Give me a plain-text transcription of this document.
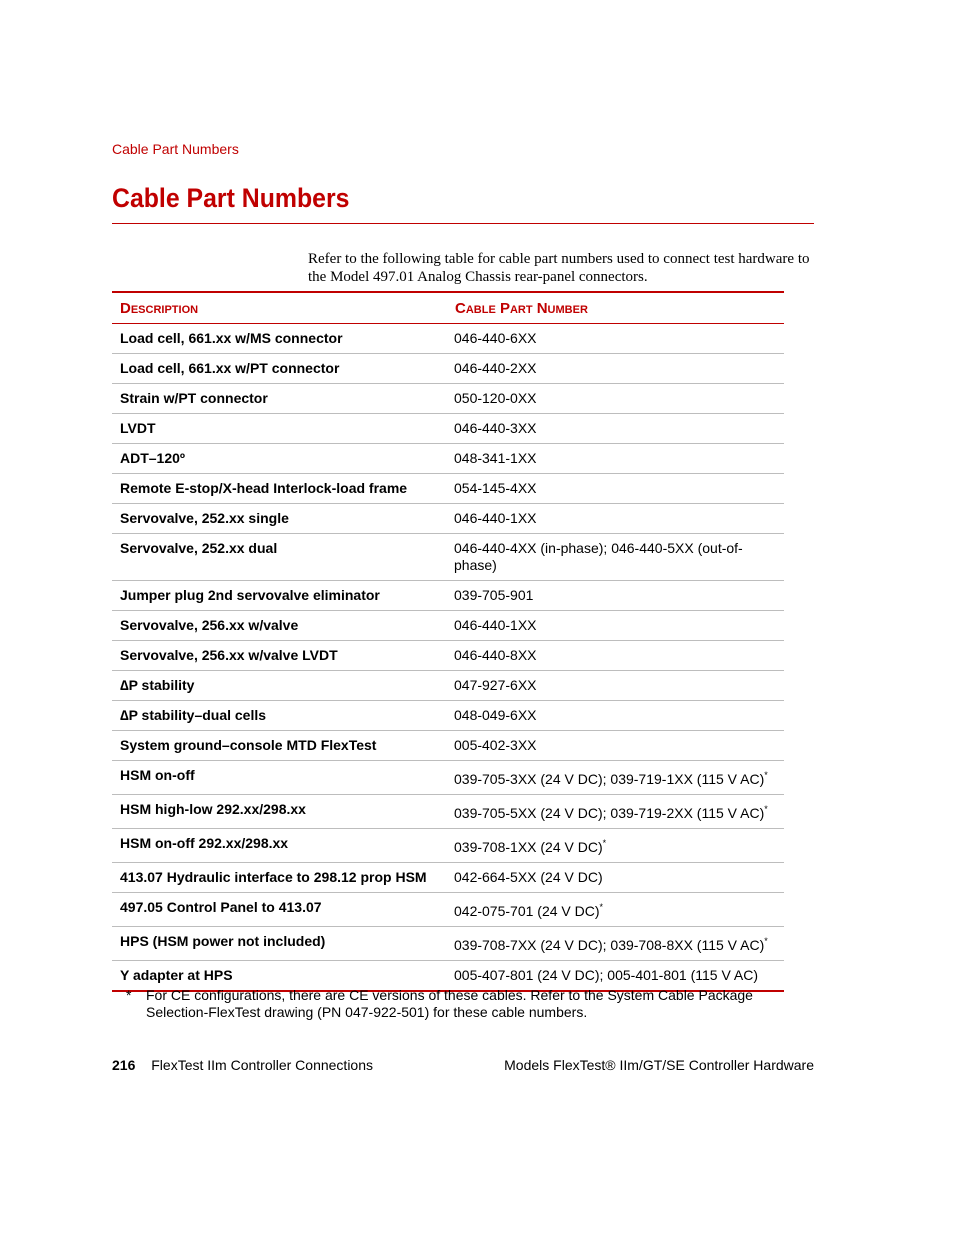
Cable Part Numbers
Cable Part Numbers

Refer to the following table for cable part numbers used to connect test hardware to the Model 497.01 Analog Chassis rear-panel connectors.

Description	Cable Part Number
Load cell, 661.xx w/MS connector	046-440-6XX
Load cell, 661.xx w/PT connector	046-440-2XX
Strain w/PT connector	050-120-0XX
LVDT	046-440-3XX
ADT–120º	048-341-1XX
Remote E-stop/X-head Interlock-load frame	054-145-4XX
Servovalve, 252.xx single	046-440-1XX
Servovalve, 252.xx dual	046-440-4XX (in-phase); 046-440-5XX (out-of-phase)
Jumper plug 2nd servovalve eliminator	039-705-901
Servovalve, 256.xx w/valve	046-440-1XX
Servovalve, 256.xx w/valve LVDT	046-440-8XX
∆P stability	047-927-6XX
∆P stability–dual cells	048-049-6XX
System ground–console MTD FlexTest	005-402-3XX
HSM on-off	039-705-3XX (24 V DC); 039-719-1XX (115 V AC)*
HSM high-low 292.xx/298.xx	039-705-5XX (24 V DC); 039-719-2XX (115 V AC)*
HSM on-off 292.xx/298.xx	039-708-1XX (24 V DC)*
413.07 Hydraulic interface to 298.12 prop HSM	042-664-5XX (24 V DC)
497.05 Control Panel to 413.07	042-075-701 (24 V DC)*
HPS (HSM power not included)	039-708-7XX (24 V DC); 039-708-8XX (115 V AC)*
Y adapter at HPS	005-407-801 (24 V DC); 005-401-801 (115 V AC)
* For CE configurations, there are CE versions of these cables. Refer to the System Cable Package Selection-FlexTest drawing (PN 047-922-501) for these cable numbers.
216 FlexTest IIm Controller Connections	Models FlexTest® IIm/GT/SE Controller Hardware
